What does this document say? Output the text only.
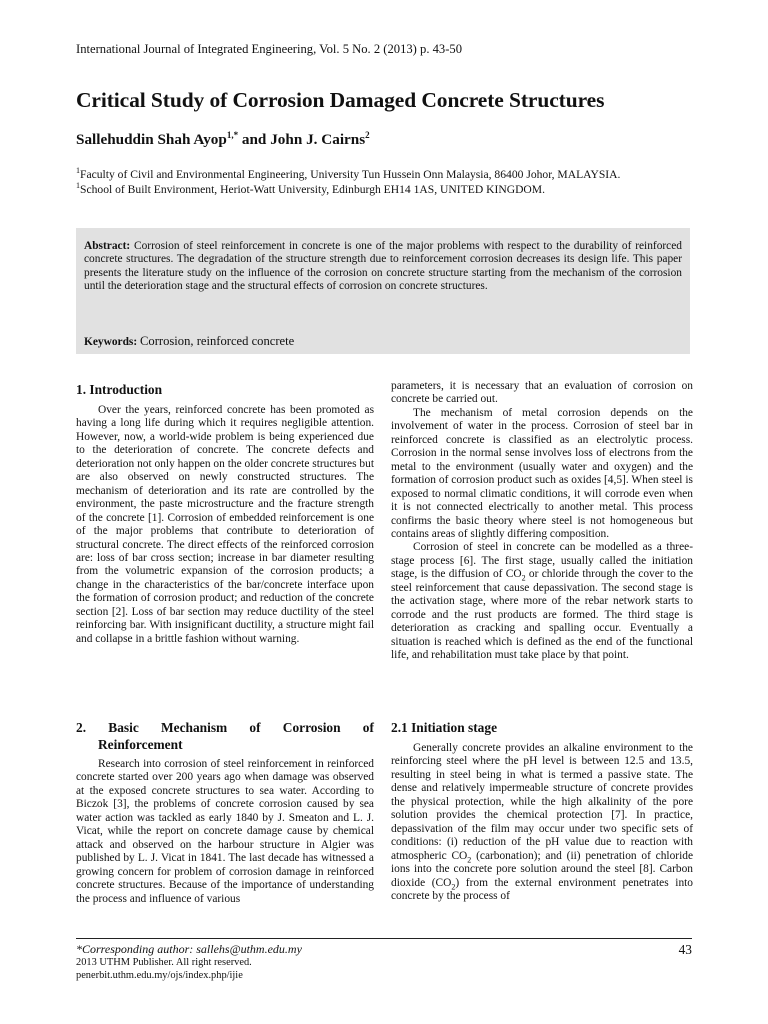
International Journal of Integrated Engineering, Vol. 5 No. 2 (2013) p. 43-50
Critical Study of Corrosion Damaged Concrete Structures
Sallehuddin Shah Ayop$^{1,*}$ and John J. Cairns$^2$
$^1$Faculty of Civil and Environmental Engineering, University Tun Hussein Onn Malaysia, 86400 Johor, MALAYSIA.
$^1$School of Built Environment, Heriot-Watt University, Edinburgh EH14 1AS, UNITED KINGDOM.

Abstract: Corrosion of steel reinforcement in concrete is one of the major problems with respect to the durability of reinforced concrete structures. The degradation of the structure strength due to reinforcement corrosion decreases its design life. This paper presents the literature study on the influence of the corrosion on concrete structure starting from the mechanism of the corrosion until the deterioration stage and the structural effects of corrosion on concrete structures.

Keywords: Corrosion, reinforced concrete
1. Introduction

Over the years, reinforced concrete has been promoted as having a long life during which it requires negligible attention. However, now, a world-wide problem is being experienced due to the deterioration of concrete. The concrete defects and deterioration not only happen on the older concrete structures but are also observed on newly constructed structures. The mechanism of deterioration and its rate are controlled by the environment, the paste microstructure and the fracture strength of the concrete [1]. Corrosion of embedded reinforcement is one of the major problems that contribute to deterioration of structural concrete. The direct effects of the reinforced corrosion are: loss of bar cross section; increase in bar diameter resulting from the volumetric expansion of the corrosion products; a change in the characteristics of the bar/concrete interface upon the formation of corrosion product; and reduction of the concrete section [2]. Loss of bar section may reduce ductility of the steel reinforcing bar. With insignificant ductility, a structure might fail and collapse in a brittle fashion without warning.

2. Basic Mechanism of Corrosion of
Reinforcement

Research into corrosion of steel reinforcement in reinforced concrete started over 200 years ago when damage was observed at the exposed concrete structures to sea water. According to Biczok [3], the problems of concrete corrosion caused by sea water action was tackled as early 1840 by J. Smeaton and L. J. Vicat, while the report on concrete damage cause by chemical attack and observed on the harbour structure in Algier was published by L. J. Vicat in 1841. The last decade has witnessed a growing concern for problem of corrosion damage in reinforced concrete structures. Because of the importance of understanding the process and influence of various

parameters, it is necessary that an evaluation of corrosion on concrete be carried out.

The mechanism of metal corrosion depends on the involvement of water in the process. Corrosion of steel bar in reinforced concrete is classified as an electrolytic process. Corrosion in the normal sense involves loss of electrons from the metal to the environment (usually water and oxygen) and the formation of corrosion product such as oxides [4,5]. When steel is exposed to normal climatic conditions, it will corrode even when it is not connected electrically to another metal. This process confirms the basic theory where steel is not homogeneous but contains areas of slightly differing composition.

Corrosion of steel in concrete can be modelled as a three-stage process [6]. The first stage, usually called the initiation stage, is the diffusion of $CO_2$ or chloride through the cover to the steel reinforcement that cause depassivation. The second stage is the activation stage, where more of the rebar network starts to corrode and the rust products are formed. The third stage is deterioration as cracking and spalling occur. Eventually a situation is reached which is defined as the end of the functional life, and rehabilitation must take place by that point.

2.1 Initiation stage

Generally concrete provides an alkaline environment to the reinforcing steel where the pH level is between 12.5 and 13.5, resulting in steel being in what is termed a passive state. The dense and relatively impermeable structure of concrete provides the physical protection, while the high alkalinity of the pore solution provides the chemical protection [7]. In practice, depassivation of the film may occur under two specific sets of conditions: (i) reduction of the pH value due to reaction with atmospheric $CO_2$ (carbonation); and (ii) penetration of chloride ions into the concrete pore solution around the steel [8]. Carbon dioxide $(CO_2)$ from the external environment penetrates into concrete by the process of

*Corresponding author: sallehs@uthm.edu.my
2013 UTHM Publisher. All right reserved.
penerbit.uthm.edu.my/ojs/index.php/ijie
43
